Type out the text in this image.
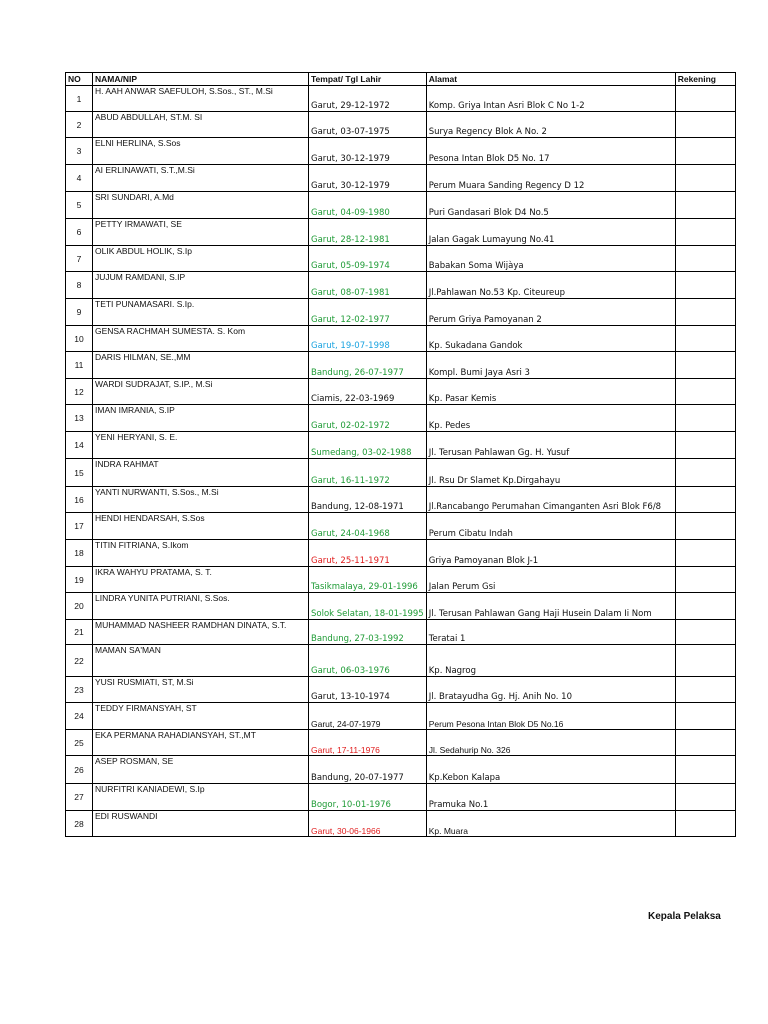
NO	NAMA/NIP	Tempat/ Tgl Lahir	Alamat	Rekening
1	H. AAH ANWAR SAEFULOH, S.Sos., ST., M.Si	Garut, 29-12-1972	Komp. Griya Intan Asri Blok C No 1-2	
2	ABUD ABDULLAH, ST.M. SI	Garut, 03-07-1975	Surya Regency Blok A No. 2	
3	ELNI HERLINA, S.Sos	Garut, 30-12-1979	Pesona Intan Blok D5 No. 17	
4	AI ERLINAWATI, S.T.,M.Si	Garut, 30-12-1979	Perum Muara Sanding Regency D 12	
5	SRI SUNDARI, A.Md	Garut, 04-09-1980	Puri Gandasari Blok D4 No.5	
6	PETTY IRMAWATI, SE	Garut, 28-12-1981	Jalan Gagak Lumayung No.41	
7	OLIK ABDUL HOLIK, S.Ip	Garut, 05-09-1974	Babakan Soma Wijàya	
8	JUJUM RAMDANI, S.IP	Garut, 08-07-1981	Jl.Pahlawan No.53 Kp. Citeureup	
9	TETI PUNAMASARI. S.Ip.	Garut, 12-02-1977	Perum Griya Pamoyanan 2	
10	GENSA RACHMAH SUMESTA. S. Kom	Garut, 19-07-1998	Kp. Sukadana Gandok	
11	DARIS HILMAN, SE.,MM	Bandung, 26-07-1977	Kompl. Bumi Jaya Asri 3	
12	WARDI SUDRAJAT, S.IP., M.Si	Ciamis, 22-03-1969	Kp. Pasar Kemis	
13	IMAN IMRANIA, S.IP	Garut, 02-02-1972	Kp. Pedes	
14	YENI HERYANI, S. E.	Sumedang, 03-02-1988	Jl. Terusan Pahlawan Gg. H. Yusuf	
15	INDRA RAHMAT	Garut, 16-11-1972	Jl. Rsu Dr Slamet Kp.Dirgahayu	
16	YANTI NURWANTI, S.Sos., M.Si	Bandung, 12-08-1971	Jl.Rancabango Perumahan Cimanganten Asri Blok F6/8	
17	HENDI HENDARSAH, S.Sos	Garut, 24-04-1968	Perum Cibatu Indah	
18	TITIN FITRIANA, S.Ikom	Garut, 25-11-1971	Griya Pamoyanan Blok J-1	
19	IKRA WAHYU PRATAMA, S. T.	Tasikmalaya, 29-01-1996	Jalan Perum Gsi	
20	LINDRA YUNITA PUTRIANI, S.Sos.	Solok Selatan, 18-01-1995	Jl. Terusan Pahlawan Gang Haji Husein Dalam Ii Nom	
21	MUHAMMAD NASHEER RAMDHAN DINATA, S.T.	Bandung, 27-03-1992	Teratai 1	
22	MAMAN SA'MAN	Garut, 06-03-1976	Kp. Nagrog	
23	YUSI RUSMIATI, ST, M.Si	Garut, 13-10-1974	Jl. Bratayudha Gg. Hj. Anih No. 10	
24	TEDDY FIRMANSYAH, ST	Garut, 24-07-1979	Perum Pesona Intan Blok D5 No.16	
25	EKA PERMANA RAHADIANSYAH, ST.,MT	Garut, 17-11-1976	Jl. Sedahurip No. 326	
26	ASEP ROSMAN, SE	Bandung, 20-07-1977	Kp.Kebon Kalapa	
27	NURFITRI KANIADEWI, S.Ip	Bogor, 10-01-1976	Pramuka No.1	
28	EDI RUSWANDI	Garut, 30-06-1966	Kp. Muara	
Kepala Pelaksa
